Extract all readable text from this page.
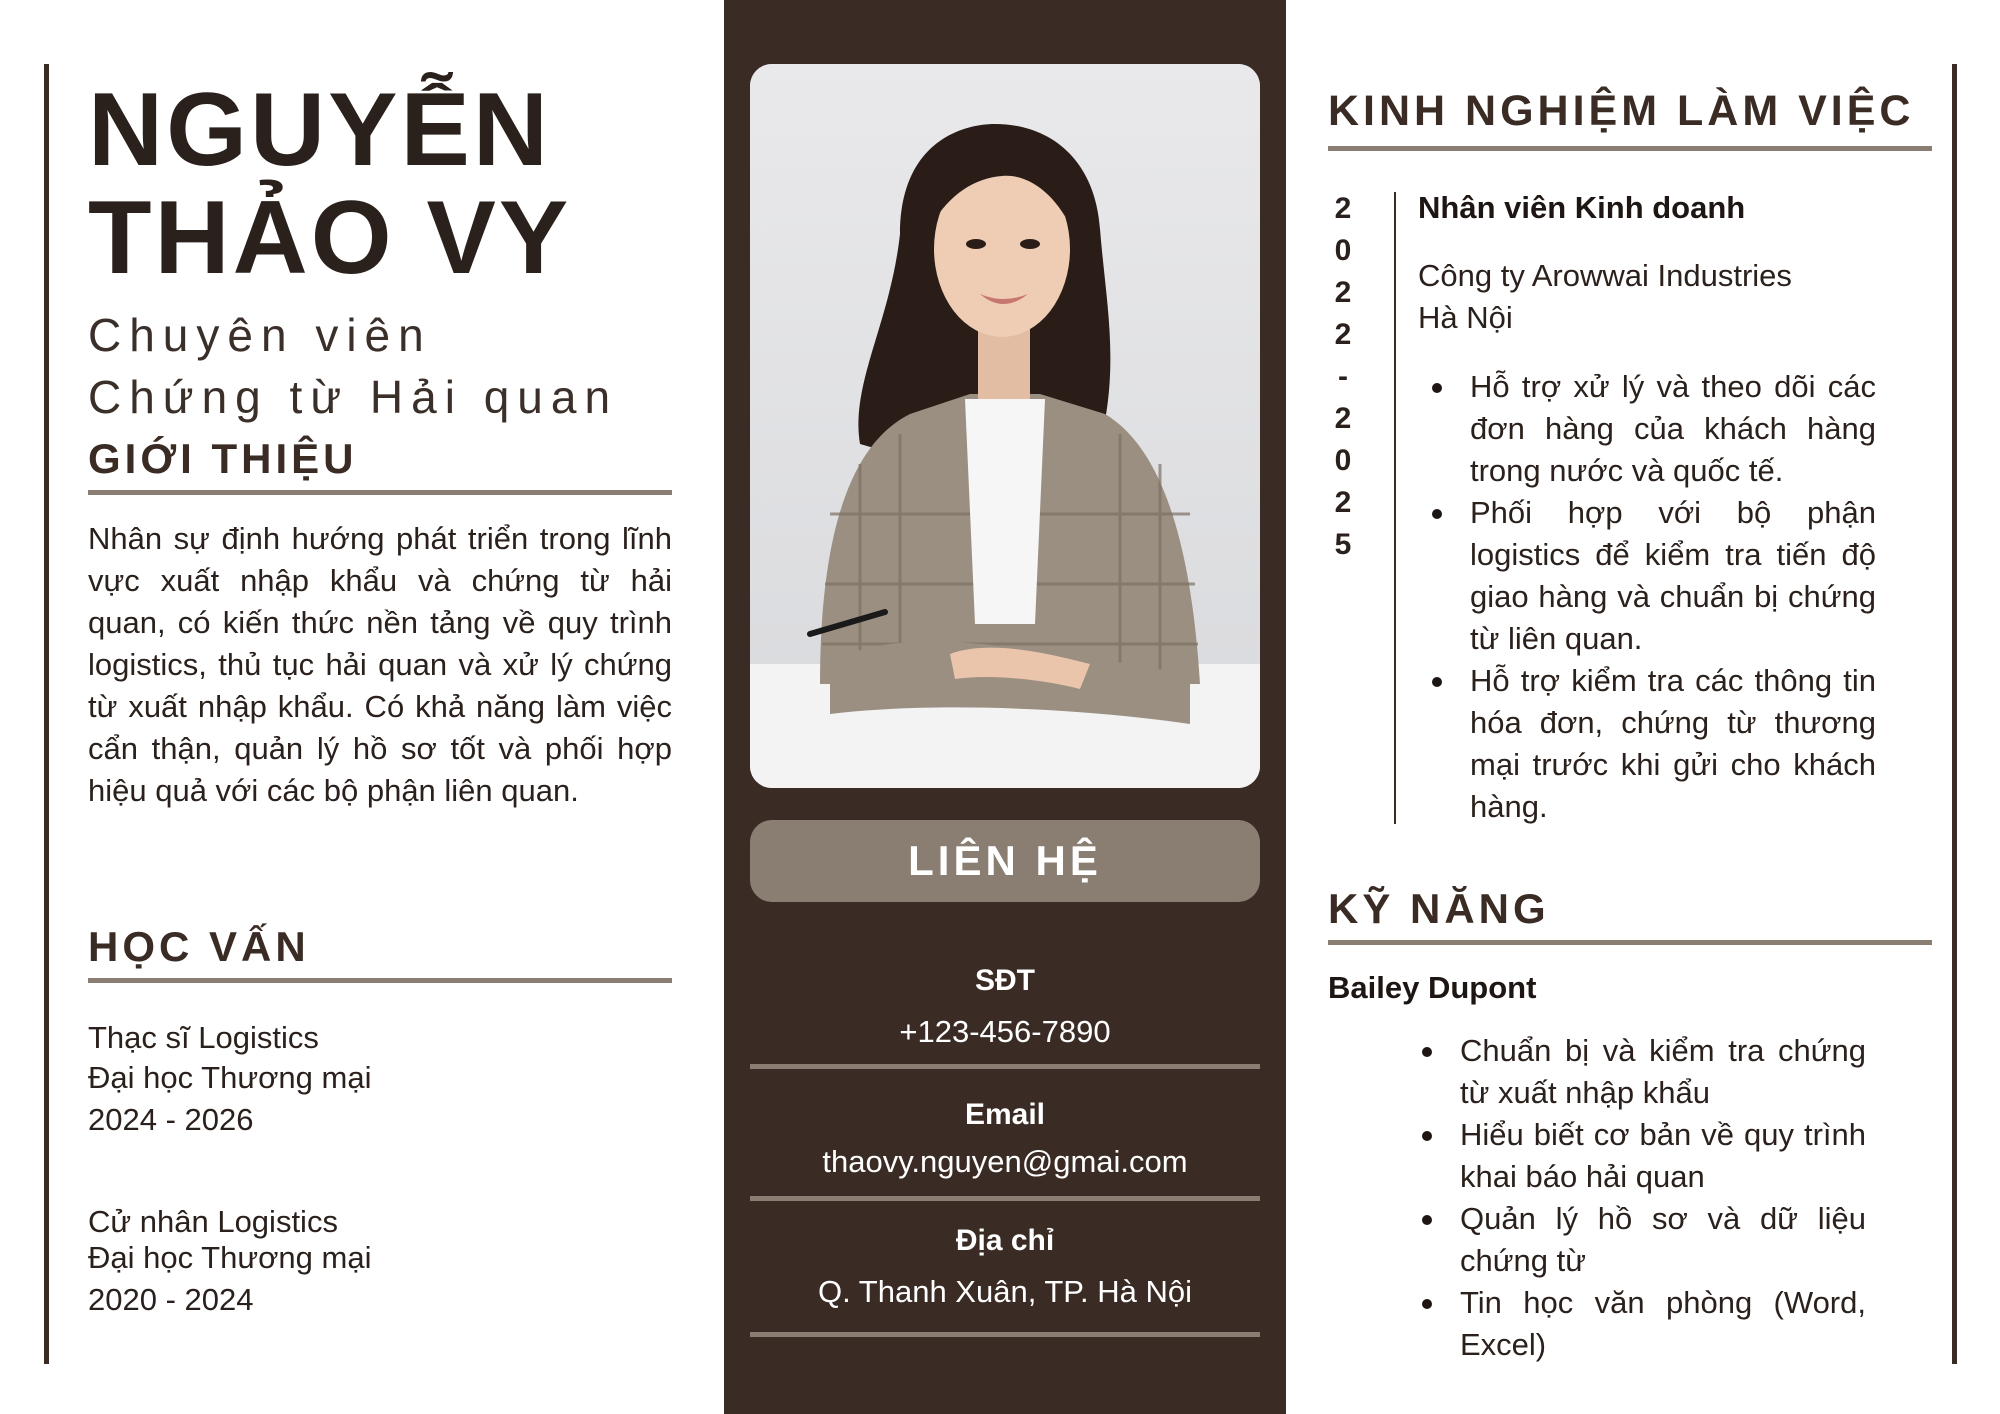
NGUYỄN
THẢO VY
Chuyên viên
Chứng từ Hải quan
GIỚI THIỆU
Nhân sự định hướng phát triển trong lĩnh vực xuất nhập khẩu và chứng từ hải quan, có kiến thức nền tảng về quy trình logistics, thủ tục hải quan và xử lý chứng từ xuất nhập khẩu. Có khả năng làm việc cẩn thận, quản lý hồ sơ tốt và phối hợp hiệu quả với các bộ phận liên quan.
HỌC VẤN
Thạc sĩ Logistics
Đại học Thương mại
2024 - 2026
Cử nhân Logistics
Đại học Thương mại
2020 - 2024
LIÊN HỆ
SĐT
+123-456-7890
Email
thaovy.nguyen@gmai.com
Địa chỉ
Q. Thanh Xuân, TP. Hà Nội
KINH NGHIỆM LÀM VIỆC
2
0
2
2
-
2
0
2
5
Nhân viên Kinh doanh
Công ty Arowwai Industries
Hà Nội
Hỗ trợ xử lý và theo dõi các đơn hàng của khách hàng trong nước và quốc tế.
Phối hợp với bộ phận logistics để kiểm tra tiến độ giao hàng và chuẩn bị chứng từ liên quan.
Hỗ trợ kiểm tra các thông tin hóa đơn, chứng từ thương mại trước khi gửi cho khách hàng.
KỸ NĂNG
Bailey Dupont
Chuẩn bị và kiểm tra chứng từ xuất nhập khẩu
Hiểu biết cơ bản về quy trình khai báo hải quan
Quản lý hồ sơ và dữ liệu chứng từ
Tin học văn phòng (Word, Excel)
